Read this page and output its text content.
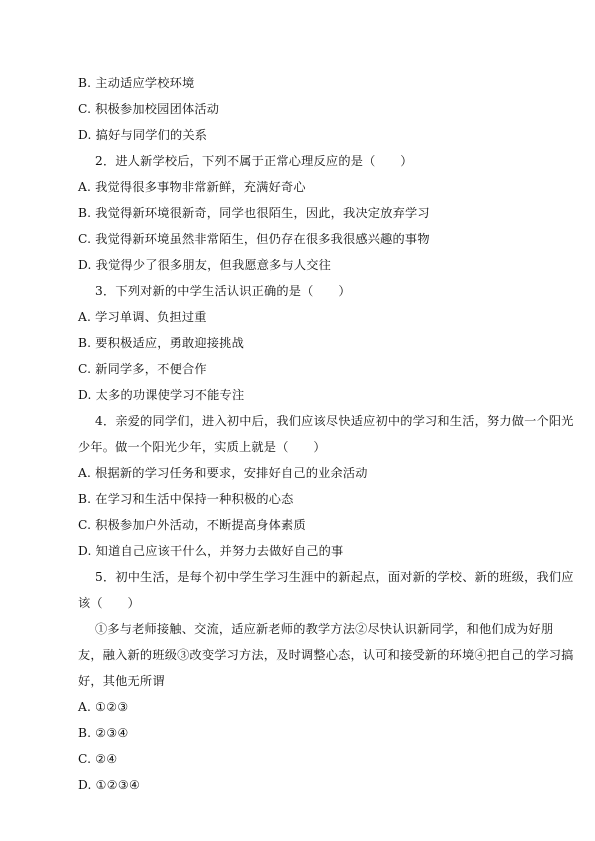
B. 主动适应学校环境
C. 积极参加校园团体活动
D. 搞好与同学们的关系
2．进人新学校后，下列不属于正常心理反应的是（　　）
A. 我觉得很多事物非常新鲜，充满好奇心
B. 我觉得新环境很新奇，同学也很陌生，因此，我决定放弃学习
C. 我觉得新环境虽然非常陌生，但仍存在很多我很感兴趣的事物
D. 我觉得少了很多朋友，但我愿意多与人交往
3．下列对新的中学生活认识正确的是（　　）
A. 学习单调、负担过重
B. 要积极适应，勇敢迎接挑战
C. 新同学多，不便合作
D. 太多的功课使学习不能专注
4．亲爱的同学们，进入初中后，我们应该尽快适应初中的学习和生活，努力做一个阳光
少年。做一个阳光少年，实质上就是（　　）
A. 根据新的学习任务和要求，安排好自己的业余活动
B. 在学习和生活中保持一种积极的心态
C. 积极参加户外活动，不断提高身体素质
D. 知道自己应该干什么，并努力去做好自己的事
5．初中生活，是每个初中学生学习生涯中的新起点，面对新的学校、新的班级，我们应
该（　　）
①多与老师接触、交流，适应新老师的教学方法②尽快认识新同学，和他们成为好朋
友，融入新的班级③改变学习方法，及时调整心态，认可和接受新的环境④把自己的学习搞
好，其他无所谓
A. ①②③
B. ②③④
C. ②④
D. ①②③④
